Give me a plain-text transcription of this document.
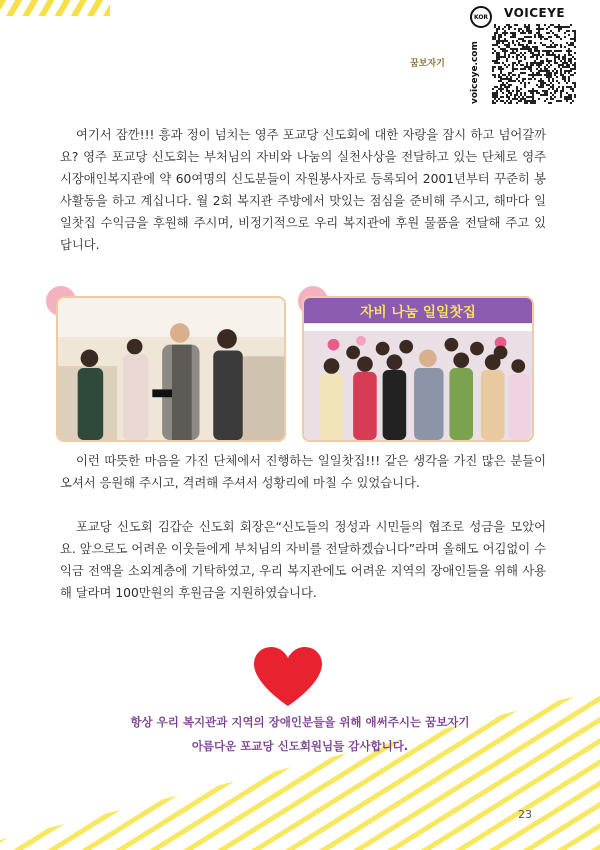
KOR VOICEYE
voiceye.com
꿈보자기

여기서 잠깐!!! 흥과 정이 넘치는 영주 포교당 신도회에 대한 자랑을 잠시 하고 넘어갈까요? 영주 포교당 신도회는 부처님의 자비와 나눔의 실천사상을 전달하고 있는 단체로 영주시장애인복지관에 약 60여명의 신도분들이 자원봉사자로 등록되어 2001년부터 꾸준히 봉사활동을 하고 계십니다. 월 2회 복지관 주방에서 맛있는 점심을 준비해 주시고, 해마다 일일찻집 수익금을 후원해 주시며, 비정기적으로 우리 복지관에 후원 물품을 전달해 주고 있답니다.

자비 나눔 일일찻집

이런 따뜻한 마음을 가진 단체에서 진행하는 일일찻집!!! 같은 생각을 가진 많은 분들이 오셔서 응원해 주시고, 격려해 주셔서 성황리에 마칠 수 있었습니다.

포교당 신도회 김갑순 신도회 회장은“신도들의 정성과 시민들의 협조로 성금을 모았어요. 앞으로도 어려운 이웃들에게 부처님의 자비를 전달하겠습니다”라며 올해도 어김없이 수익금 전액을 소외계층에 기탁하였고, 우리 복지관에도 어려운 지역의 장애인들을 위해 사용해 달라며 100만원의 후원금을 지원하였습니다.

항상 우리 복지관과 지역의 장애인분들을 위해 애써주시는 꿈보자기

아름다운 포교당 신도회원님들 감사합니다.

23
